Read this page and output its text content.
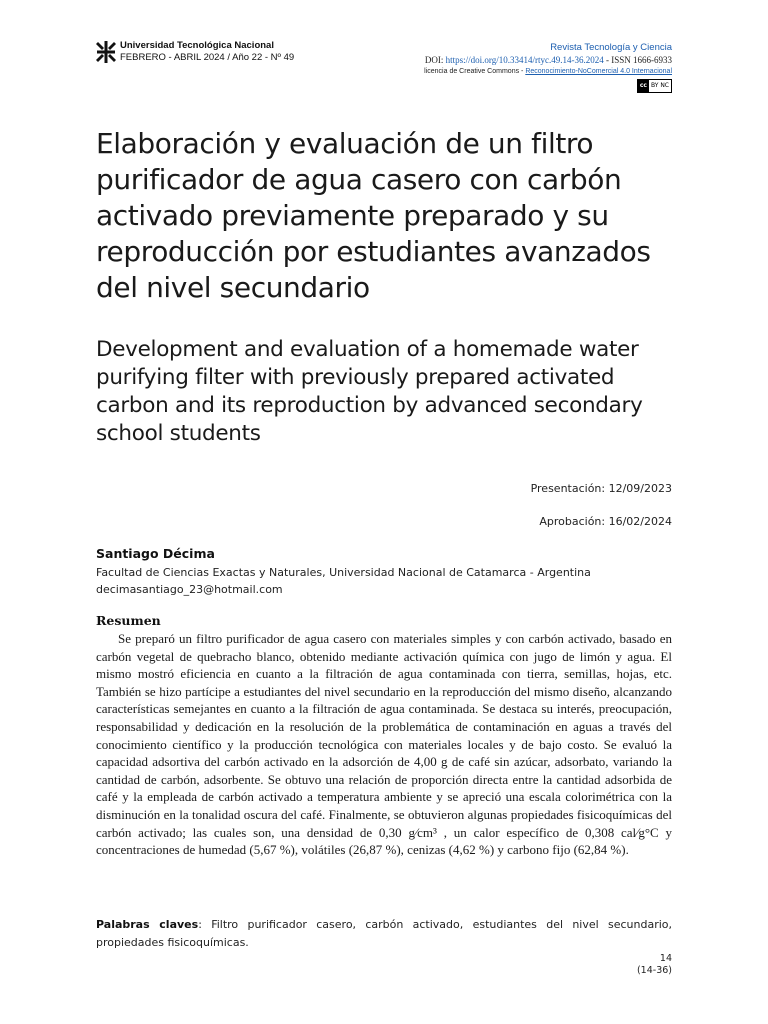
Universidad Tecnológica Nacional
FEBRERO - ABRIL 2024 / Año 22 - Nº 49
Revista Tecnología y Ciencia
DOI: https://doi.org/10.33414/rtyc.49.14-36.2024 - ISSN 1666-6933
licencia de Creative Commons - Reconocimiento-NoComercial 4.0 Internacional
cc BY NC
Elaboración y evaluación de un filtro purificador de agua casero con carbón activado previamente preparado y su reproducción por estudiantes avanzados del nivel secundario
Development and evaluation of a homemade water purifying filter with previously prepared activated carbon and its reproduction by advanced secondary school students
Presentación: 12/09/2023
Aprobación: 16/02/2024
Santiago Décima
Facultad de Ciencias Exactas y Naturales, Universidad Nacional de Catamarca - Argentina
decimasantiago_23@hotmail.com
Resumen

Se preparó un filtro purificador de agua casero con materiales simples y con carbón activado, basado en carbón vegetal de quebracho blanco, obtenido mediante activación química con jugo de limón y agua. El mismo mostró eficiencia en cuanto a la filtración de agua contaminada con tierra, semillas, hojas, etc. También se hizo partícipe a estudiantes del nivel secundario en la reproducción del mismo diseño, alcanzando características semejantes en cuanto a la filtración de agua contaminada. Se destaca su interés, preocupación, responsabilidad y dedicación en la resolución de la problemática de contaminación en aguas a través del conocimiento científico y la producción tecnológica con materiales locales y de bajo costo. Se evaluó la capacidad adsortiva del carbón activado en la adsorción de 4,00 g de café sin azúcar, adsorbato, variando la cantidad de carbón, adsorbente. Se obtuvo una relación de proporción directa entre la cantidad adsorbida de café y la empleada de carbón activado a temperatura ambiente y se apreció una escala colorimétrica con la disminución en la tonalidad oscura del café. Finalmente, se obtuvieron algunas propiedades fisicoquímicas del carbón activado; las cuales son, una densidad de 0,30 g⁄cm³ , un calor específico de 0,308 cal⁄g°C y concentraciones de humedad (5,67 %), volátiles (26,87 %), cenizas (4,62 %) y carbono fijo (62,84 %).

Palabras claves: Filtro purificador casero, carbón activado, estudiantes del nivel secundario, propiedades fisicoquímicas.

14
(14-36)
